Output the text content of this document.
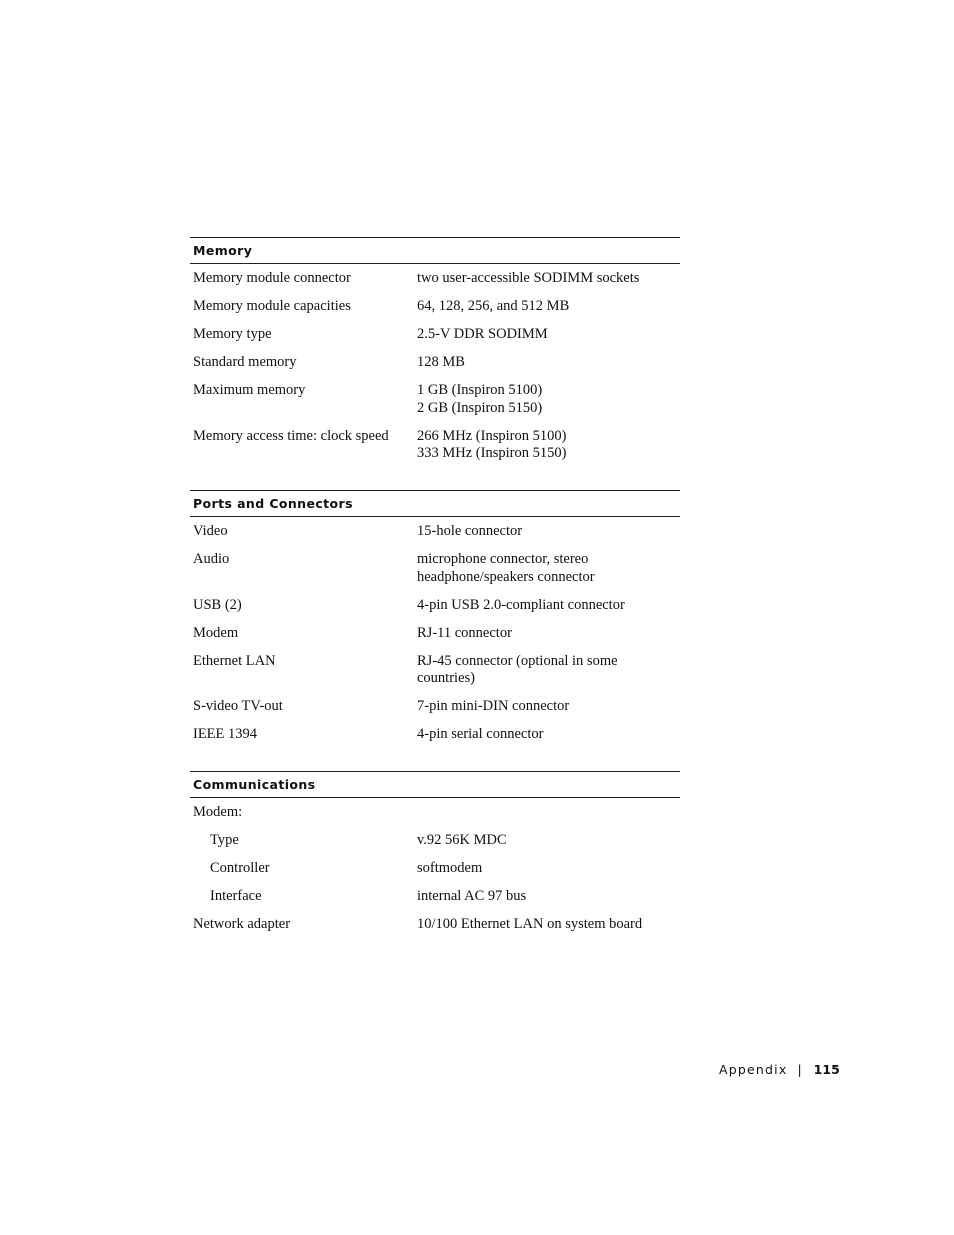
Memory
Memory module connector	two user-accessible SODIMM sockets
Memory module capacities	64, 128, 256, and 512 MB
Memory type	2.5-V DDR SODIMM
Standard memory	128 MB
Maximum memory	1 GB (Inspiron 5100)
2 GB (Inspiron 5150)
Memory access time: clock speed	266 MHz (Inspiron 5100)
333 MHz (Inspiron 5150)
Ports and Connectors
Video	15-hole connector
Audio	microphone connector, stereo
headphone/speakers connector
USB (2)	4-pin USB 2.0-compliant connector
Modem	RJ-11 connector
Ethernet LAN	RJ-45 connector (optional in some
countries)
S-video TV-out	7-pin mini-DIN connector
IEEE 1394	4-pin serial connector
Communications
Modem:
Type	v.92 56K MDC
Controller	softmodem
Interface	internal AC 97 bus
Network adapter	10/100 Ethernet LAN on system board
Appendix | 115
